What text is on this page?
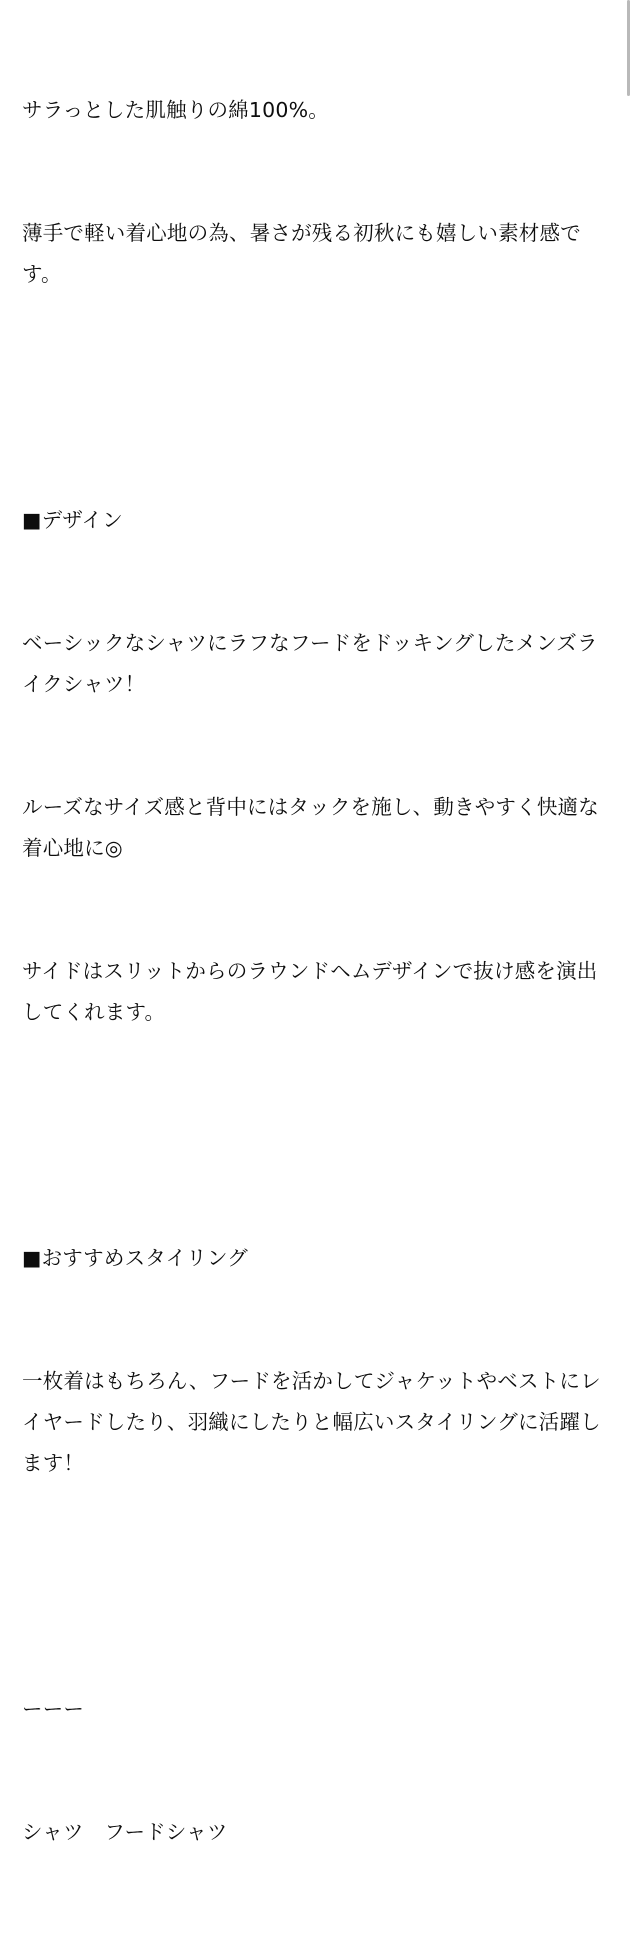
サラっとした肌触りの綿100%。

薄手で軽い着心地の為、暑さが残る初秋にも嬉しい素材感です。

■デザイン

ベーシックなシャツにラフなフードをドッキングしたメンズライクシャツ！

ルーズなサイズ感と背中にはタックを施し、動きやすく快適な着心地に◎

サイドはスリットからのラウンドヘムデザインで抜け感を演出してくれます。

■おすすめスタイリング

一枚着はもちろん、フードを活かしてジャケットやベストにレイヤードしたり、羽織にしたりと幅広いスタイリングに活躍します！

ーーー

シャツ　フードシャツ
